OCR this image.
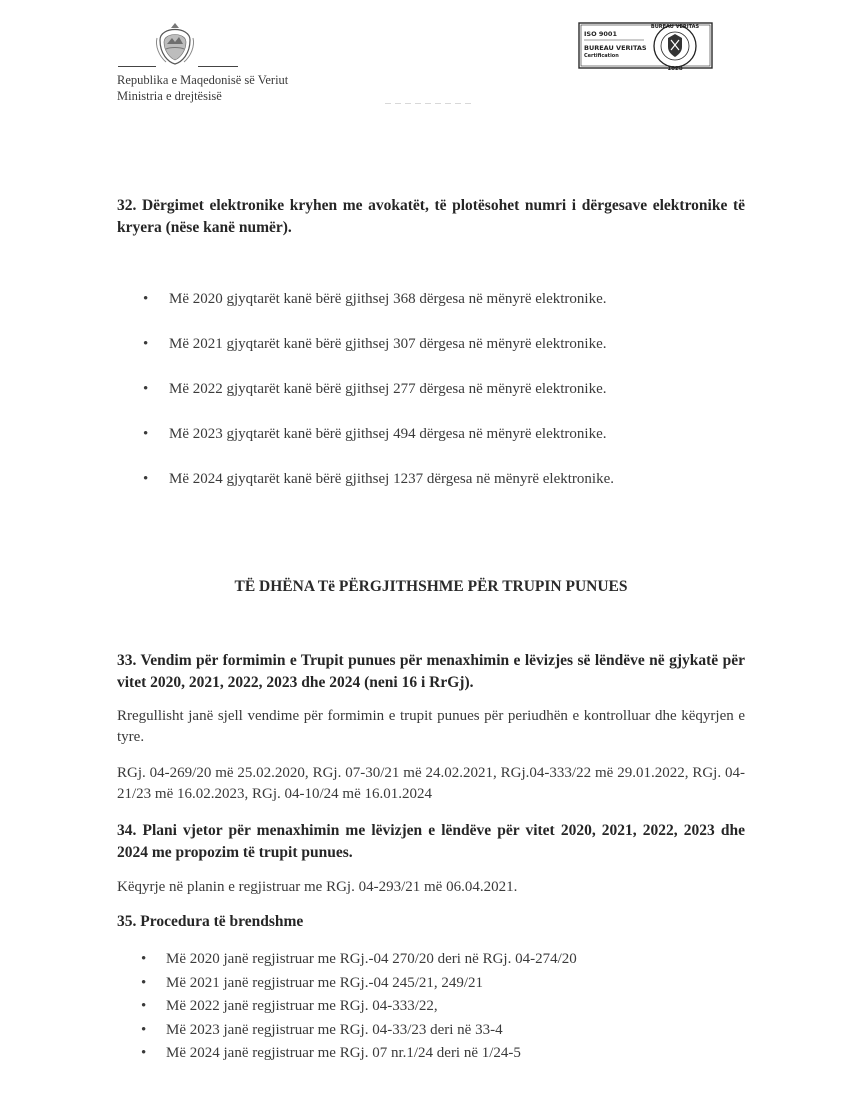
Republika e Maqedonisë së Veriut
Ministria e drejtësisë
ISO 9001
BUREAU VERITAS
Certification
BUREAU VERITAS
1828
32. Dërgimet elektronike kryhen me avokatët, të plotësohet numri i dërgesave elektronike të kryera (nëse kanë numër).
• Më 2020 gjyqtarët kanë bërë gjithsej 368 dërgesa në mënyrë elektronike.
• Më 2021 gjyqtarët kanë bërë gjithsej 307 dërgesa në mënyrë elektronike.
• Më 2022 gjyqtarët kanë bërë gjithsej 277 dërgesa në mënyrë elektronike.
• Më 2023 gjyqtarët kanë bërë gjithsej 494 dërgesa në mënyrë elektronike.
• Më 2024 gjyqtarët kanë bërë gjithsej 1237 dërgesa në mënyrë elektronike.
TË DHËNA Të PËRGJITHSHME PËR TRUPIN PUNUES
33. Vendim për formimin e Trupit punues për menaxhimin e lëvizjes së lëndëve në gjykatë për vitet 2020, 2021, 2022, 2023 dhe 2024 (neni 16 i RrGj).
Rregullisht janë sjell vendime për formimin e trupit punues për periudhën e kontrolluar dhe këqyrjen e tyre.
RGj. 04-269/20 më 25.02.2020, RGj. 07-30/21 më 24.02.2021, RGj.04-333/22 më 29.01.2022, RGj. 04-21/23 më 16.02.2023, RGj. 04-10/24 më 16.01.2024
34. Plani vjetor për menaxhimin me lëvizjen e lëndëve për vitet 2020, 2021, 2022, 2023 dhe 2024 me propozim të trupit punues.
Këqyrje në planin e regjistruar me RGj. 04-293/21 më 06.04.2021.
35. Procedura të brendshme
• Më 2020 janë regjistruar me RGj.-04 270/20 deri në RGj. 04-274/20
• Më 2021 janë regjistruar me RGj.-04 245/21, 249/21
• Më 2022 janë regjistruar me RGj. 04-333/22,
• Më 2023 janë regjistruar me RGj. 04-33/23 deri në 33-4
• Më 2024 janë regjistruar me RGj. 07 nr.1/24 deri në 1/24-5
